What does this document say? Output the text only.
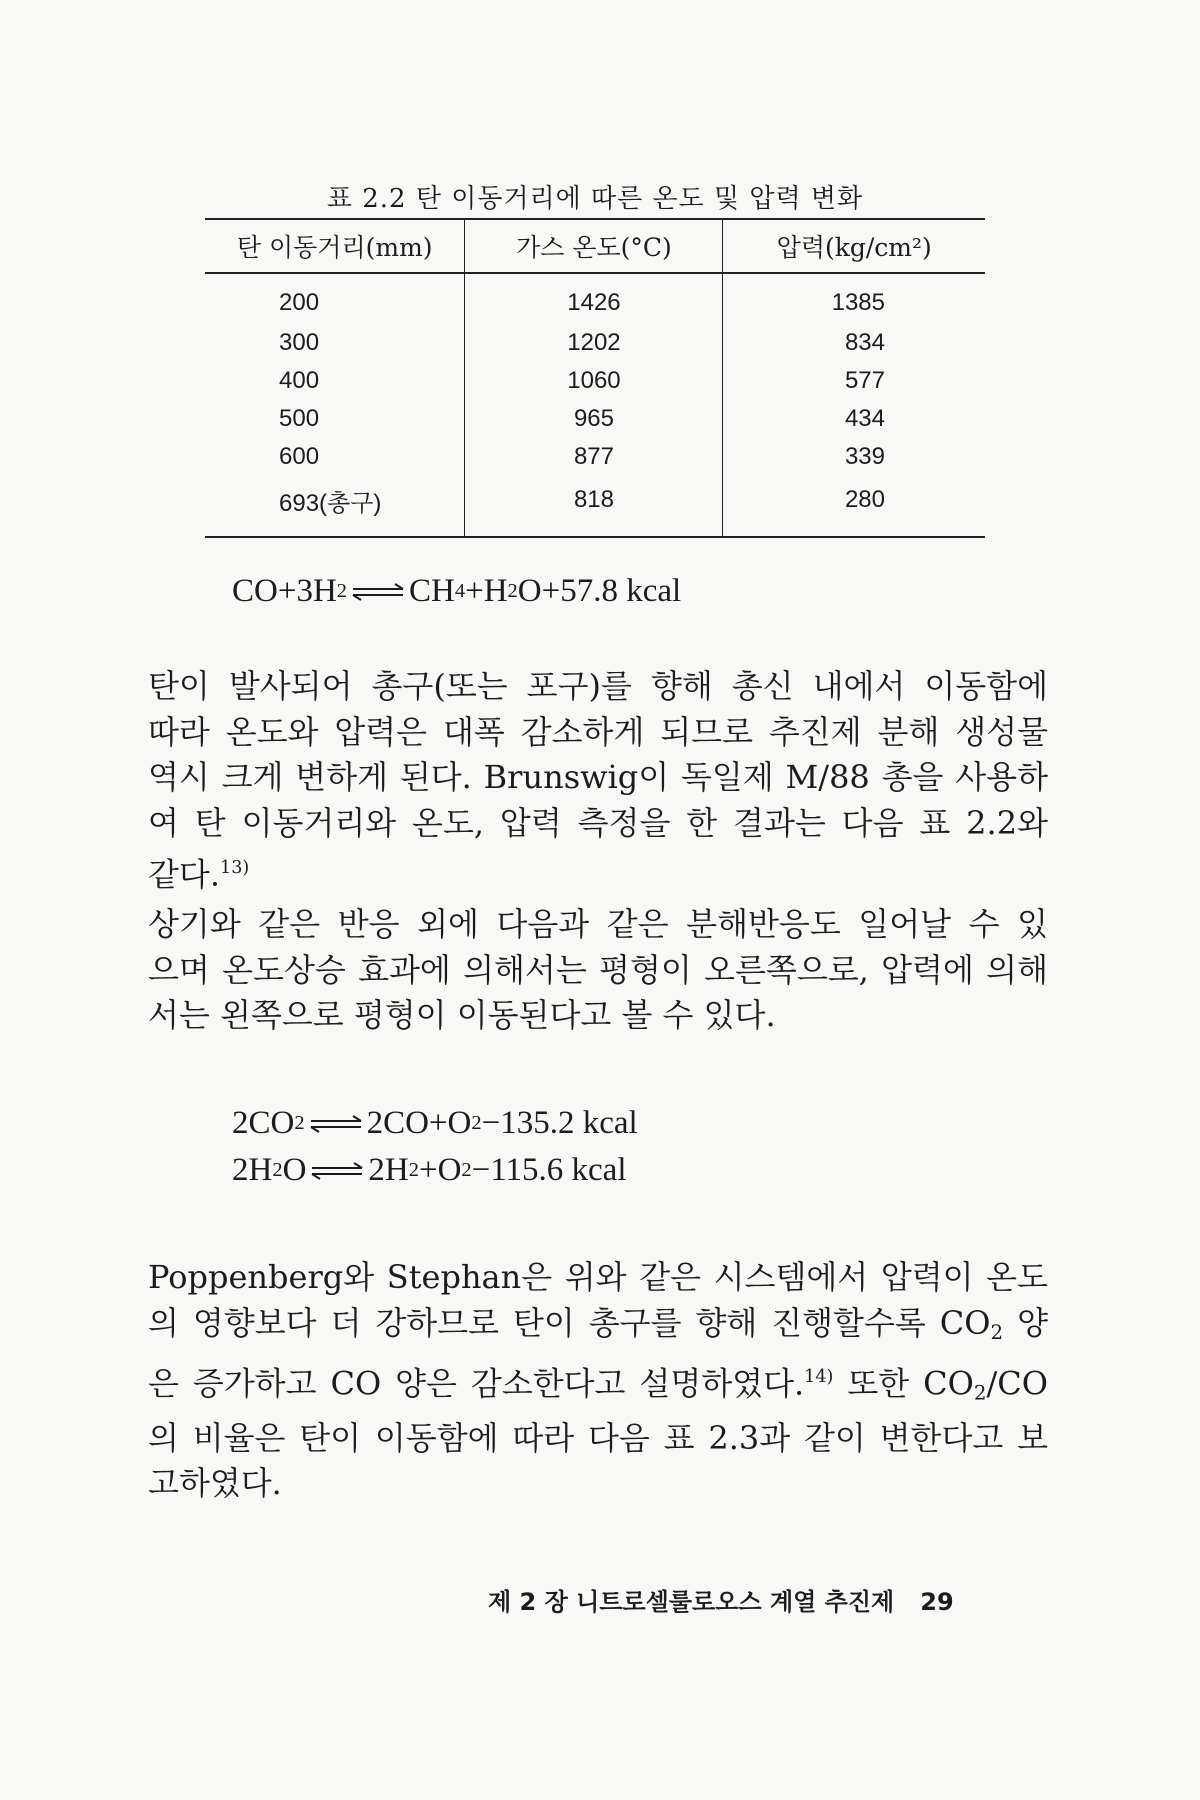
표 2.2 탄 이동거리에 따른 온도 및 압력 변화
탄 이동거리(mm)	가스 온도(°C)	압력(kg/cm²)
200	1426	1385
300	1202	834
400	1060	577
500	965	434
600	877	339
693(총구)	818	280
CO+3H 2 ⇌ CH 4 +H 2 O+57.8 kcal
탄이 발사되어 총구(또는 포구)를 향해 총신 내에서 이동함에
따라 온도와 압력은 대폭 감소하게 되므로 추진제 분해 생성물
역시 크게 변하게 된다. Brunswig이 독일제 M/88 총을 사용하
여 탄 이동거리와 온도, 압력 측정을 한 결과는 다음 표 2.2와
같다.$^{13)}$
상기와 같은 반응 외에 다음과 같은 분해반응도 일어날 수 있
으며 온도상승 효과에 의해서는 평형이 오른쪽으로, 압력에 의해
서는 왼쪽으로 평형이 이동된다고 볼 수 있다.
2CO 2 ⇌ 2CO+O 2 −135.2 kcal
2H 2 O ⇌ 2H 2 +O 2 −115.6 kcal
Poppenberg와 Stephan은 위와 같은 시스템에서 압력이 온도
의 영향보다 더 강하므로 탄이 총구를 향해 진행할수록 $CO_2$ 양
은 증가하고 CO 양은 감소한다고 설명하였다.$^{14)}$ 또한 $CO_2/CO$
의 비율은 탄이 이동함에 따라 다음 표 2.3과 같이 변한다고 보
고하였다.
제 2 장 니트로셀룰로오스 계열 추진제 29
